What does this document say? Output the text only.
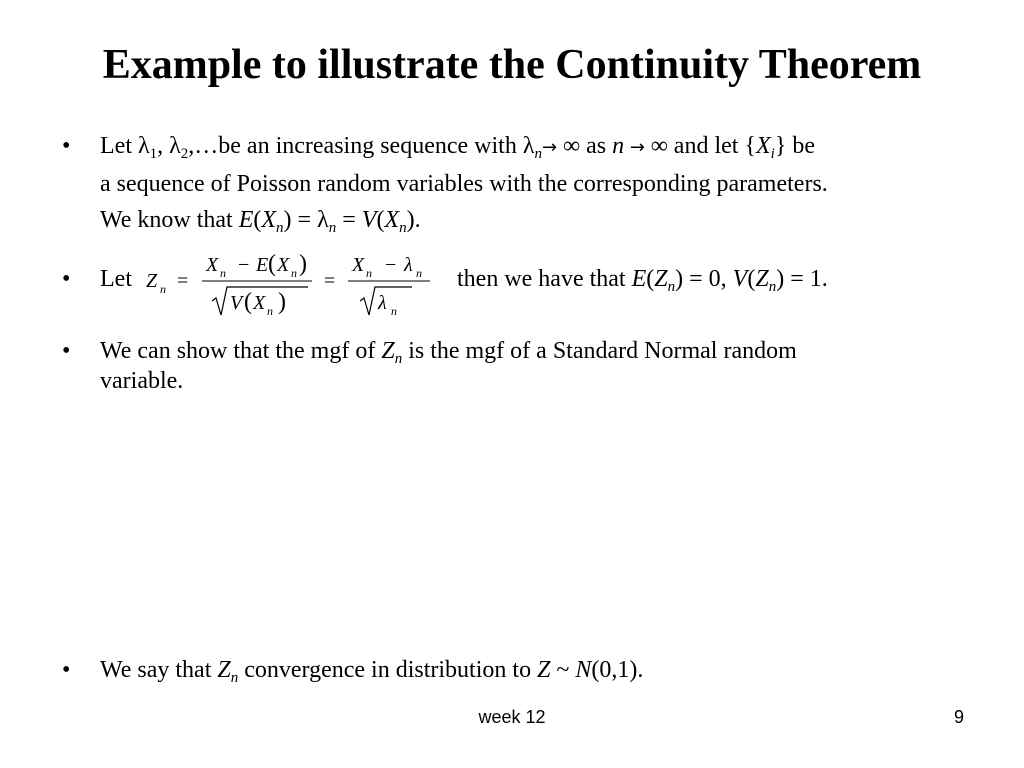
Example to illustrate the Continuity Theorem
• Let $\lambda_1$, $\lambda_2,\dots be$ an increasing sequence with $\lambda_n\to$ ∞ as n → ∞ and let $\{X_i\}$ be
a sequence of Poisson random variables with the corresponding parameters.
We know that $E(X_n) = \lambda_n = V(X_n)$.
• Let Z n =
X n − E ( X n )
V ( X n )
=
X n − λ n
λ n
then we have that $E(Z_n) = 0$, $V(Z_n) = 1$.
• We can show that the mgf of $Z_n$ is the mgf of a Standard Normal random
variable.
• We say that $Z_n$ convergence in distribution to Z ~ N(0,1).
week 12	9
